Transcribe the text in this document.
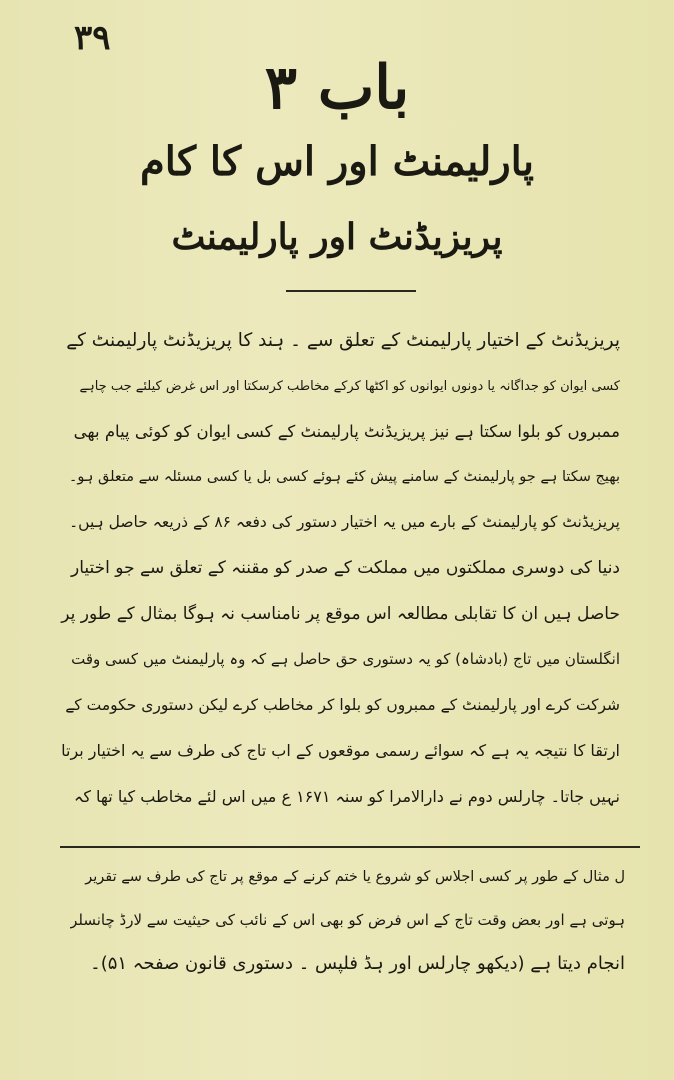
۳۹
باب ۳
پارلیمنٹ اور اس کا کام
پریزیڈنٹ اور پارلیمنٹ
پریزیڈنٹ کے اختیار پارلیمنٹ کے تعلق سے ۔ ہند کا پریزیڈنٹ پارلیمنٹ کے
کسی ایوان کو جداگانہ یا دونوں ایوانوں کو اکٹھا کرکے مخاطب کرسکتا اور اس غرض کیلئے جب چاہے
ممبروں کو بلوا سکتا ہے نیز پریزیڈنٹ پارلیمنٹ کے کسی ایوان کو کوئی پیام بھی
بھیج سکتا ہے جو پارلیمنٹ کے سامنے پیش کئے ہوئے کسی بل یا کسی مسئلہ سے متعلق ہو۔
پریزیڈنٹ کو پارلیمنٹ کے بارے میں یہ اختیار دستور کی دفعہ ۸۶ کے ذریعہ حاصل ہیں۔
دنیا کی دوسری مملکتوں میں مملکت کے صدر کو مقننہ کے تعلق سے جو اختیار
حاصل ہیں ان کا تقابلی مطالعہ اس موقع پر نامناسب نہ ہوگا بمثال کے طور پر
انگلستان میں تاج (بادشاہ) کو یہ دستوری حق حاصل ہے کہ وہ پارلیمنٹ میں کسی وقت
شرکت کرے اور پارلیمنٹ کے ممبروں کو بلوا کر مخاطب کرے لیکن دستوری حکومت کے
ارتقا کا نتیجہ یہ ہے کہ سوائے رسمی موقعوں کے اب تاج کی طرف سے یہ اختیار برتا
نہیں جاتا۔ چارلس دوم نے دارالامرا کو سنہ ۱۶۷۱ ع میں اس لئے مخاطب کیا تھا کہ
ل مثال کے طور پر کسی اجلاس کو شروع یا ختم کرنے کے موقع پر تاج کی طرف سے تقریر
ہوتی ہے اور بعض وقت تاج کے اس فرض کو بھی اس کے نائب کی حیثیت سے لارڈ چانسلر
انجام دیتا ہے (دیکھو چارلس اور ہڈ فلپس ۔ دستوری قانون صفحہ ۵۱)۔
